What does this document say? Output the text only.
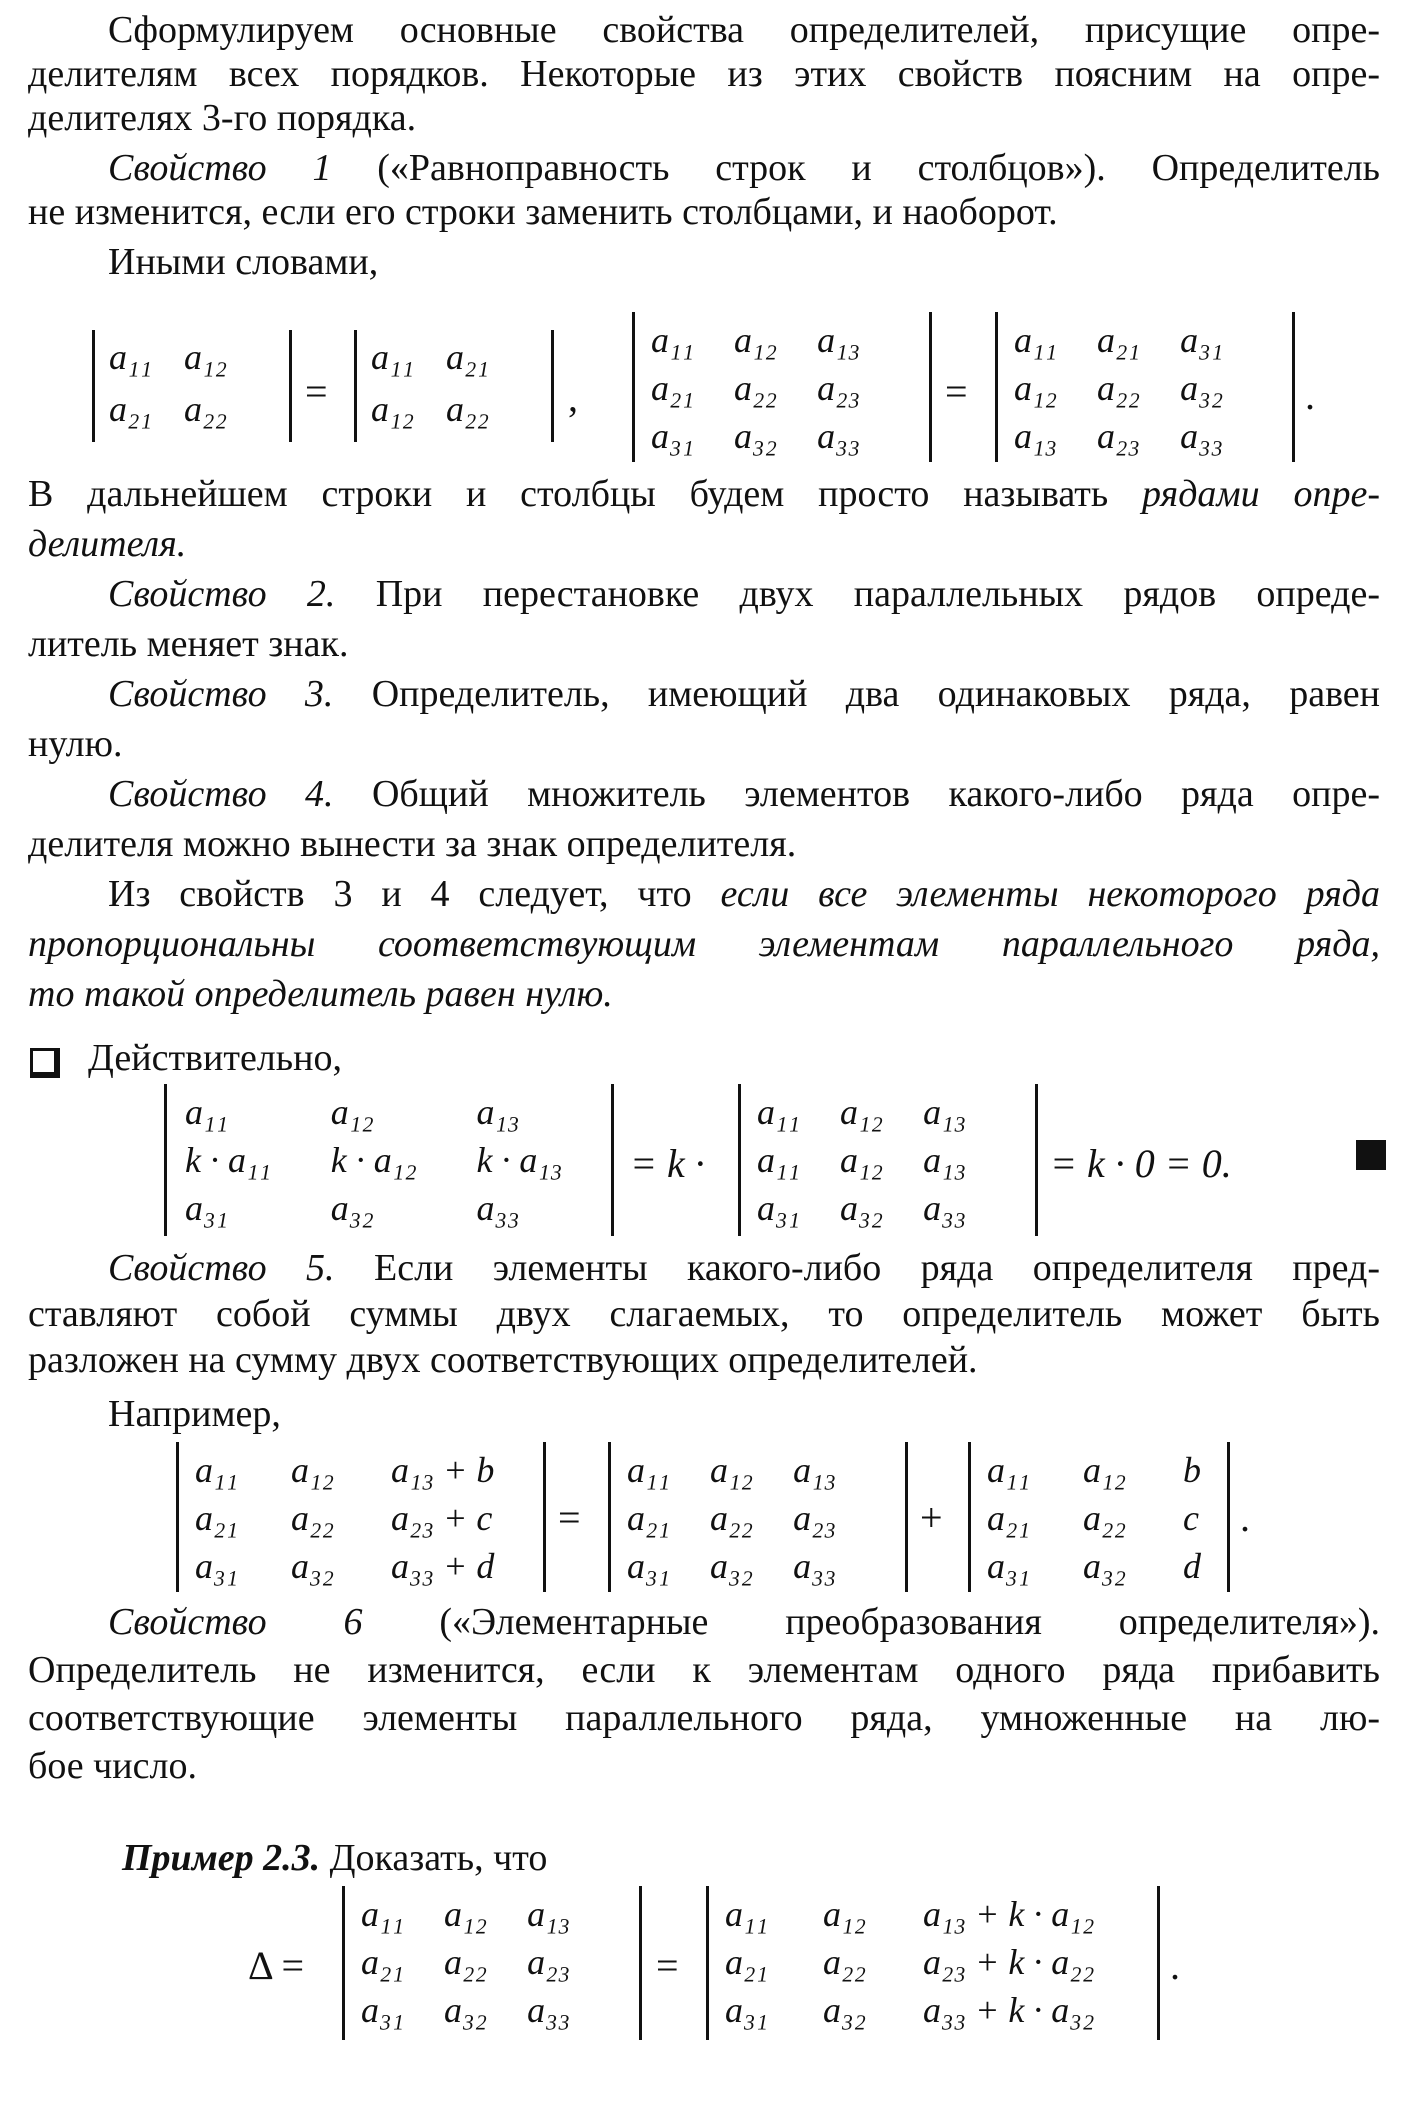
Сформулируем основные свойства определителей, присущие опре-
делителям всех порядков. Некоторые из этих свойств поясним на опре-
делителях 3-го порядка.
Свойство 1 («Равноправность строк и столбцов»). Определитель
не изменится, если его строки заменить столбцами, и наоборот.
Иными словами,
a₁₁ a₁₂
a₂₁ a₂₂ =
a₁₁ a₂₁
a₁₂ a₂₂ ,
a₁₁ a₁₂ a₁₃
a₂₁ a₂₂ a₂₃
a₃₁ a₃₂ a₃₃
=
a₁₁ a₂₁ a₃₁
a₁₂ a₂₂ a₃₂
a₁₃ a₂₃ a₃₃
.
В дальнейшем строки и столбцы будем просто называть рядами опре-
делителя.
Свойство 2. При перестановке двух параллельных рядов опреде-
литель меняет знак.
Свойство 3. Определитель, имеющий два одинаковых ряда, равен
нулю.
Свойство 4. Общий множитель элементов какого-либо ряда опре-
делителя можно вынести за знак определителя.
Из свойств 3 и 4 следует, что если все элементы некоторого ряда
пропорциональны соответствующим элементам параллельного ряда,
то такой определитель равен нулю.
Действительно,
a₁₁	a₁₂	a₁₃
k · a₁₁	k · a₁₂	k · a₁₃
a₃₁	a₃₂	a₃₃
= k ·
a₁₁ a₁₂ a₁₃
a₁₁ a₁₂ a₁₃
a₃₁ a₃₂ a₃₃
= k · 0 = 0.
Свойство 5. Если элементы какого-либо ряда определителя пред-
ставляют собой суммы двух слагаемых, то определитель может быть
разложен на сумму двух соответствующих определителей.
Например,
a₁₁	a₁₂	a₁₃ + b
a₂₁	a₂₂	a₂₃ + c
a₃₁	a₃₂	a₃₃ + d
=
a₁₁ a₁₂ a₁₃
a₂₁ a₂₂ a₂₃
a₃₁ a₃₂ a₃₃
+
a₁₁	a₁₂	b
a₂₁	a₂₂	c
a₃₁	a₃₂	d
.
Свойство 6 («Элементарные преобразования определителя»).
Определитель не изменится, если к элементам одного ряда прибавить
соответствующие элементы параллельного ряда, умноженные на лю-
бое число.
Пример 2.3. Доказать, что
Δ =
a₁₁ a₁₂ a₁₃
a₂₁ a₂₂ a₂₃
a₃₁ a₃₂ a₃₃
=
a₁₁	a₁₂	a₁₃ + k · a₁₂
a₂₁	a₂₂	a₂₃ + k · a₂₂
a₃₁	a₃₂	a₃₃ + k · a₃₂
.
